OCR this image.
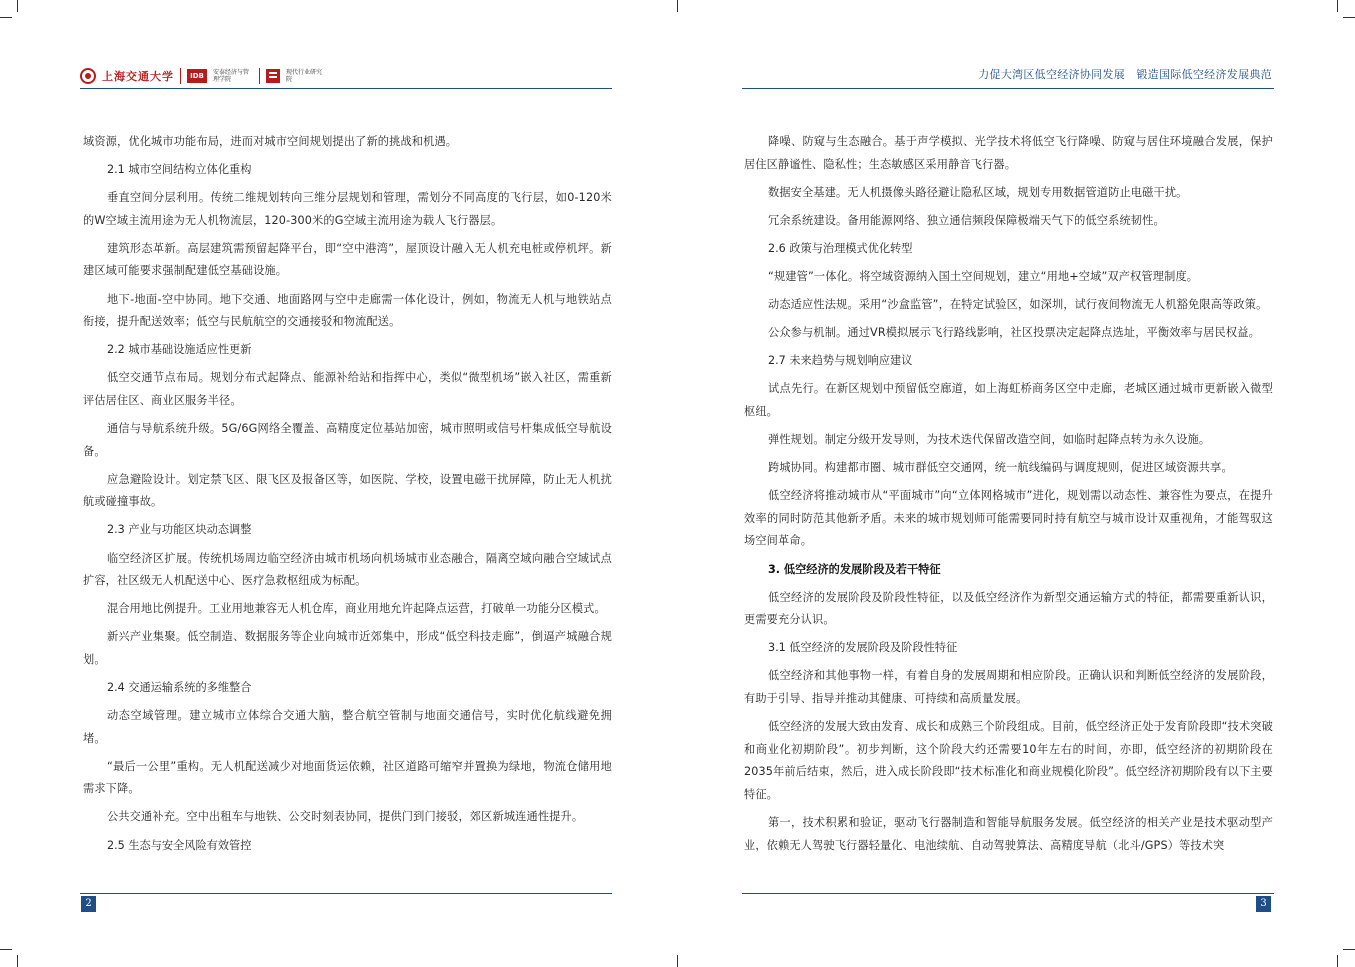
上海交通大学	IDB	安泰经济与管理学院
现代行业研究院

域资源，优化城市功能布局，进而对城市空间规划提出了新的挑战和机遇。

2.1 城市空间结构立体化重构

垂直空间分层利用。传统二维规划转向三维分层规划和管理，需划分不同高度的飞行层，如0-120米的W空域主流用途为无人机物流层，120-300米的G空域主流用途为载人飞行器层。

建筑形态革新。高层建筑需预留起降平台，即“空中港湾”，屋顶设计融入无人机充电桩或停机坪。新建区域可能要求强制配建低空基础设施。

地下-地面-空中协同。地下交通、地面路网与空中走廊需一体化设计，例如，物流无人机与地铁站点衔接，提升配送效率；低空与民航航空的交通接驳和物流配送。

2.2 城市基础设施适应性更新

低空交通节点布局。规划分布式起降点、能源补给站和指挥中心，类似“微型机场”嵌入社区，需重新评估居住区、商业区服务半径。

通信与导航系统升级。5G/6G网络全覆盖、高精度定位基站加密，城市照明或信号杆集成低空导航设备。

应急避险设计。划定禁飞区、限飞区及报备区等，如医院、学校，设置电磁干扰屏障，防止无人机扰航或碰撞事故。

2.3 产业与功能区块动态调整

临空经济区扩展。传统机场周边临空经济由城市机场向机场城市业态融合，隔离空域向融合空域试点扩容，社区级无人机配送中心、医疗急救枢纽成为标配。

混合用地比例提升。工业用地兼容无人机仓库，商业用地允许起降点运营，打破单一功能分区模式。

新兴产业集聚。低空制造、数据服务等企业向城市近郊集中，形成“低空科技走廊”，倒逼产城融合规划。

2.4 交通运输系统的多维整合

动态空域管理。建立城市立体综合交通大脑，整合航空管制与地面交通信号，实时优化航线避免拥堵。

“最后一公里”重构。无人机配送减少对地面货运依赖，社区道路可缩窄并置换为绿地，物流仓储用地需求下降。

公共交通补充。空中出租车与地铁、公交时刻表协同，提供门到门接驳，郊区新城连通性提升。

2.5 生态与安全风险有效管控

2
力促大湾区低空经济协同发展　锻造国际低空经济发展典范

降噪、防窥与生态融合。基于声学模拟、光学技术将低空飞行降噪、防窥与居住环境融合发展，保护居住区静谧性、隐私性；生态敏感区采用静音飞行器。

数据安全基建。无人机摄像头路径避让隐私区域，规划专用数据管道防止电磁干扰。

冗余系统建设。备用能源网络、独立通信频段保障极端天气下的低空系统韧性。

2.6 政策与治理模式优化转型

“规建管”一体化。将空域资源纳入国土空间规划，建立“用地+空域”双产权管理制度。

动态适应性法规。采用“沙盒监管”，在特定试验区，如深圳，试行夜间物流无人机豁免限高等政策。

公众参与机制。通过VR模拟展示飞行路线影响，社区投票决定起降点选址，平衡效率与居民权益。

2.7 未来趋势与规划响应建议

试点先行。在新区规划中预留低空廊道，如上海虹桥商务区空中走廊，老城区通过城市更新嵌入微型枢纽。

弹性规划。制定分级开发导则，为技术迭代保留改造空间，如临时起降点转为永久设施。

跨城协同。构建都市圈、城市群低空交通网，统一航线编码与调度规则，促进区域资源共享。

低空经济将推动城市从“平面城市”向“立体网格城市”进化，规划需以动态性、兼容性为要点，在提升效率的同时防范其他新矛盾。未来的城市规划师可能需要同时持有航空与城市设计双重视角，才能驾驭这场空间革命。

3. 低空经济的发展阶段及若干特征

低空经济的发展阶段及阶段性特征，以及低空经济作为新型交通运输方式的特征，都需要重新认识，更需要充分认识。

3.1 低空经济的发展阶段及阶段性特征

低空经济和其他事物一样，有着自身的发展周期和相应阶段。正确认识和判断低空经济的发展阶段，有助于引导、指导并推动其健康、可持续和高质量发展。

低空经济的发展大致由发育、成长和成熟三个阶段组成。目前，低空经济正处于发育阶段即“技术突破和商业化初期阶段”。初步判断，这个阶段大约还需要10年左右的时间，亦即，低空经济的初期阶段在2035年前后结束，然后，进入成长阶段即“技术标准化和商业规模化阶段”。低空经济初期阶段有以下主要特征。

第一，技术积累和验证，驱动飞行器制造和智能导航服务发展。低空经济的相关产业是技术驱动型产业，依赖无人驾驶飞行器轻量化、电池续航、自动驾驶算法、高精度导航（北斗/GPS）等技术突

3
